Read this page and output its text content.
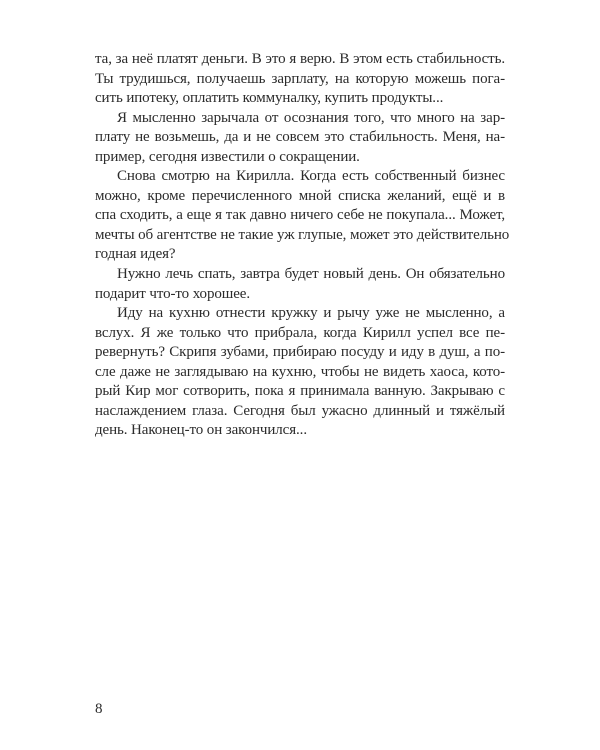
та, за неё платят деньги. В это я верю. В этом есть стабильность.
Ты трудишься, получаешь зарплату, на которую можешь пога-
сить ипотеку, оплатить коммуналку, купить продукты...
Я мысленно зарычала от осознания того, что много на зар-
плату не возьмешь, да и не совсем это стабильность. Меня, на-
пример, сегодня известили о сокращении.
Снова смотрю на Кирилла. Когда есть собственный бизнес
можно, кроме перечисленного мной списка желаний, ещё и в
спа сходить, а еще я так давно ничего себе не покупала... Может,
мечты об агентстве не такие уж глупые, может это действительно
годная идея?
Нужно лечь спать, завтра будет новый день. Он обязательно
подарит что-то хорошее.
Иду на кухню отнести кружку и рычу уже не мысленно, а
вслух. Я же только что прибрала, когда Кирилл успел все пе-
ревернуть? Скрипя зубами, прибираю посуду и иду в душ, а по-
сле даже не заглядываю на кухню, чтобы не видеть хаоса, кото-
рый Кир мог сотворить, пока я принимала ванную. Закрываю с
наслаждением глаза. Сегодня был ужасно длинный и тяжёлый
день. Наконец-то он закончился...
8
